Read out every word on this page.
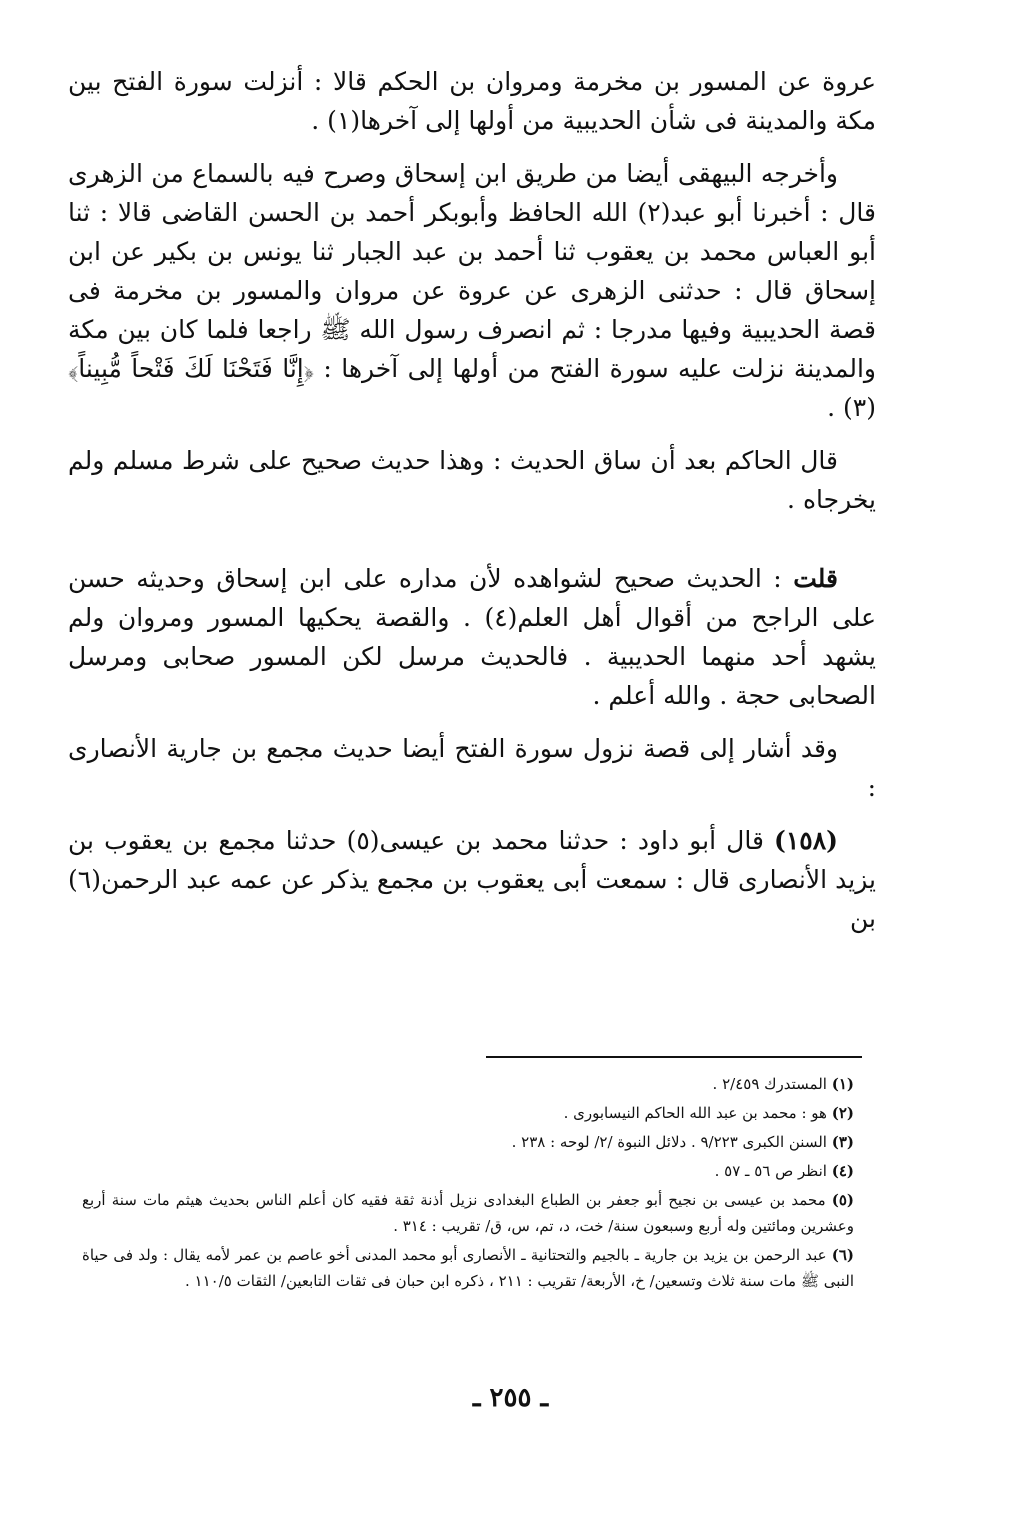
عروة عن المسور بن مخرمة ومروان بن الحكم قالا : أنزلت سورة الفتح بين مكة والمدينة فى شأن الحديبية من أولها إلى آخرها(١) .

وأخرجه البيهقى أيضا من طريق ابن إسحاق وصرح فيه بالسماع من الزهرى قال : أخبرنا أبو عبد(٢) الله الحافظ وأبوبكر أحمد بن الحسن القاضى قالا : ثنا أبو العباس محمد بن يعقوب ثنا أحمد بن عبد الجبار ثنا يونس بن بكير عن ابن إسحاق قال : حدثنى الزهرى عن عروة عن مروان والمسور بن مخرمة فى قصة الحديبية وفيها مدرجا : ثم انصرف رسول الله ﷺ راجعا فلما كان بين مكة والمدينة نزلت عليه سورة الفتح من أولها إلى آخرها : ﴿إِنَّا فَتَحْنَا لَكَ فَتْحاً مُّبِيناً﴾(٣) .

قال الحاكم بعد أن ساق الحديث : وهذا حديث صحيح على شرط مسلم ولم يخرجاه .

قلت : الحديث صحيح لشواهده لأن مداره على ابن إسحاق وحديثه حسن على الراجح من أقوال أهل العلم(٤) . والقصة يحكيها المسور ومروان ولم يشهد أحد منهما الحديبية . فالحديث مرسل لكن المسور صحابى ومرسل الصحابى حجة . والله أعلم .

وقد أشار إلى قصة نزول سورة الفتح أيضا حديث مجمع بن جارية الأنصارى :

(١٥٨) قال أبو داود : حدثنا محمد بن عيسى(٥) حدثنا مجمع بن يعقوب بن يزيد الأنصارى قال : سمعت أبى يعقوب بن مجمع يذكر عن عمه عبد الرحمن(٦) بن

(١) المستدرك ٢/٤٥٩ .

(٢) هو : محمد بن عبد الله الحاكم النيسابورى .

(٣) السنن الكبرى ٩/٢٢٣ . دلائل النبوة /٢/ لوحه : ٢٣٨ .

(٤) انظر ص ٥٦ ـ ٥٧ .

(٥) محمد بن عيسى بن نجيح أبو جعفر بن الطباع البغدادى نزيل أذنة ثقة فقيه كان أعلم الناس بحديث هيثم مات سنة أربع وعشرين ومائتين وله أربع وسبعون سنة/ خت، د، تم، س، ق/ تقريب : ٣١٤ .

(٦) عبد الرحمن بن يزيد بن جارية ـ بالجيم والتحتانية ـ الأنصارى أبو محمد المدنى أخو عاصم بن عمر لأمه يقال : ولد فى حياة النبى ﷺ مات سنة ثلاث وتسعين/ خ، الأربعة/ تقريب : ٢١١ ، ذكره ابن حبان فى ثقات التابعين/ الثقات ١١٠/٥ .

ـ ٢٥٥ ـ
